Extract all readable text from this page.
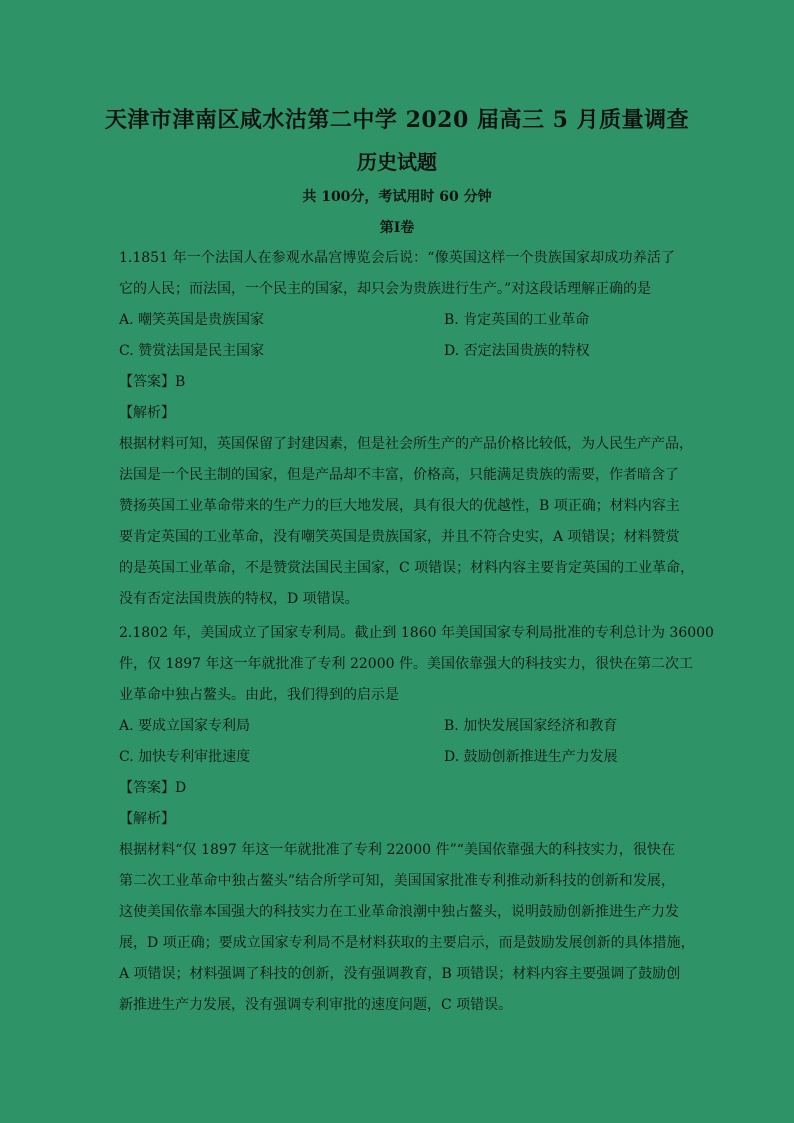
天津市津南区咸水沽第二中学 2020 届高三 5 月质量调查
历史试题
共 100分，考试用时 60 分钟
第I卷
1.1851 年一个法国人在参观水晶宫博览会后说：“像英国这样一个贵族国家却成功养活了
它的人民；而法国，一个民主的国家，却只会为贵族进行生产。”对这段话理解正确的是
A. 嘲笑英国是贵族国家	B. 肯定英国的工业革命
C. 赞赏法国是民主国家	D. 否定法国贵族的特权
【答案】B
【解析】
根据材料可知，英国保留了封建因素，但是社会所生产的产品价格比较低，为人民生产产品，
法国是一个民主制的国家，但是产品却不丰富，价格高，只能满足贵族的需要，作者暗含了
赞扬英国工业革命带来的生产力的巨大地发展，具有很大的优越性，B 项正确；材料内容主
要肯定英国的工业革命，没有嘲笑英国是贵族国家，并且不符合史实，A 项错误；材料赞赏
的是英国工业革命，不是赞赏法国民主国家，C 项错误；材料内容主要肯定英国的工业革命，
没有否定法国贵族的特权，D 项错误。
2.1802 年，美国成立了国家专利局。截止到 1860 年美国国家专利局批准的专利总计为 36000
件，仅 1897 年这一年就批准了专利 22000 件。美国依靠强大的科技实力，很快在第二次工
业革命中独占鳌头。由此，我们得到的启示是
A. 要成立国家专利局	B. 加快发展国家经济和教育
C. 加快专利审批速度	D. 鼓励创新推进生产力发展
【答案】D
【解析】
根据材料“仅 1897 年这一年就批准了专利 22000 件”“美国依靠强大的科技实力，很快在
第二次工业革命中独占鳌头”结合所学可知，美国国家批准专利推动新科技的创新和发展，
这使美国依靠本国强大的科技实力在工业革命浪潮中独占鳌头，说明鼓励创新推进生产力发
展，D 项正确；要成立国家专利局不是材料获取的主要启示，而是鼓励发展创新的具体措施，
A 项错误；材料强调了科技的创新，没有强调教育，B 项错误；材料内容主要强调了鼓励创
新推进生产力发展，没有强调专利审批的速度问题，C 项错误。
